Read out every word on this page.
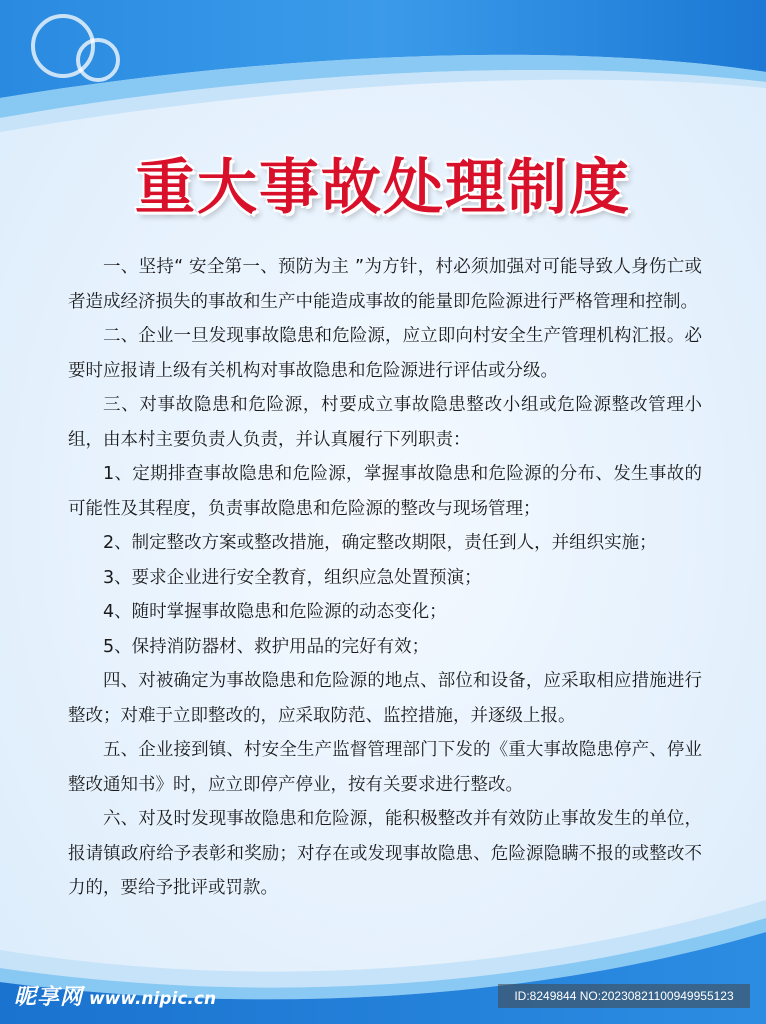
重大事故处理制度

一、坚持“ 安全第一、预防为主 ”为方针，村必须加强对可能导致人身伤亡或者造成经济损失的事故和生产中能造成事故的能量即危险源进行严格管理和控制。

二、企业一旦发现事故隐患和危险源，应立即向村安全生产管理机构汇报。必要时应报请上级有关机构对事故隐患和危险源进行评估或分级。

三、对事故隐患和危险源，村要成立事故隐患整改小组或危险源整改管理小组，由本村主要负责人负责，并认真履行下列职责：

1、定期排查事故隐患和危险源，掌握事故隐患和危险源的分布、发生事故的可能性及其程度，负责事故隐患和危险源的整改与现场管理；

2、制定整改方案或整改措施，确定整改期限，责任到人，并组织实施；

3、要求企业进行安全教育，组织应急处置预演；

4、随时掌握事故隐患和危险源的动态变化；

5、保持消防器材、救护用品的完好有效；

四、对被确定为事故隐患和危险源的地点、部位和设备，应采取相应措施进行整改；对难于立即整改的，应采取防范、监控措施，并逐级上报。

五、企业接到镇、村安全生产监督管理部门下发的《重大事故隐患停产、停业整改通知书》时，应立即停产停业，按有关要求进行整改。

六、对及时发现事故隐患和危险源，能积极整改并有效防止事故发生的单位，报请镇政府给予表彰和奖励；对存在或发现事故隐患、危险源隐瞒不报的或整改不力的，要给予批评或罚款。

昵享网 www.nipic.cn	ID:8249844 NO:20230821100949955123
